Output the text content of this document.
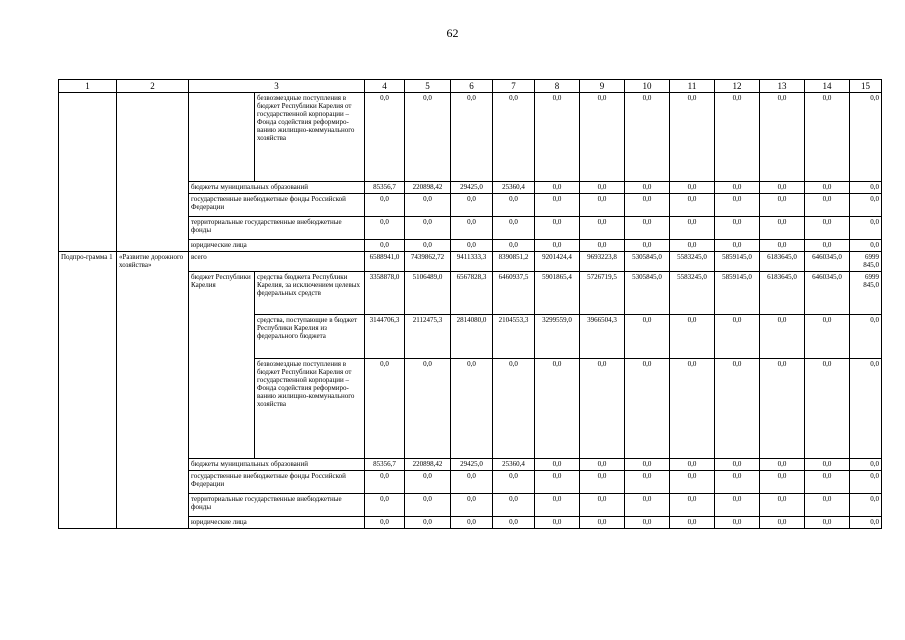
62
1	2	3		4	5	6	7	8	9	10	11	12	13	14	15
			безвозмездные поступления в бюджет Республики Карелия от государственной корпорации – Фонда содействия реформиро-ванию жилищно-коммунального хозяйства	0,0	0,0	0,0	0,0	0,0	0,0	0,0	0,0	0,0	0,0	0,0	0,0
		бюджеты муниципальных образований		85356,7	220898,42	29425,0	25360,4	0,0	0,0	0,0	0,0	0,0	0,0	0,0	0,0
		государственные внебюджетные фонды Российской Федерации		0,0	0,0	0,0	0,0	0,0	0,0	0,0	0,0	0,0	0,0	0,0	0,0
		территориальные государственные внебюджетные фонды		0,0	0,0	0,0	0,0	0,0	0,0	0,0	0,0	0,0	0,0	0,0	0,0
		юридические лица		0,0	0,0	0,0	0,0	0,0	0,0	0,0	0,0	0,0	0,0	0,0	0,0
Подпро-грамма 1	«Развитие дорожного хозяйства»	всего		6588941,0	7439862,72	9411333,3	8390851,2	9201424,4	9693223,8	5305845,0	5583245,0	5859145,0	6183645,0	6460345,0	6999 845,0
		бюджет Республики Карелия	средства бюджета Республики Карелия, за исключением целевых федеральных средств	3358878,0	5106489,0	6567828,3	6460937,5	5901865,4	5726719,5	5305845,0	5583245,0	5859145,0	6183645,0	6460345,0	6999 845,0
			средства, поступающие в бюджет Республики Карелия из федерального бюджета	3144706,3	2112475,3	2814080,0	2104553,3	3299559,0	3966504,3	0,0	0,0	0,0	0,0	0,0	0,0
			безвозмездные поступления в бюджет Республики Карелия от государственной корпорации – Фонда содействия реформиро-ванию жилищно-коммунального хозяйства	0,0	0,0	0,0	0,0	0,0	0,0	0,0	0,0	0,0	0,0	0,0	0,0
		бюджеты муниципальных образований		85356,7	220898,42	29425,0	25360,4	0,0	0,0	0,0	0,0	0,0	0,0	0,0	0,0
		государственные внебюджетные фонды Российской Федерации		0,0	0,0	0,0	0,0	0,0	0,0	0,0	0,0	0,0	0,0	0,0	0,0
		территориальные государственные внебюджетные фонды		0,0	0,0	0,0	0,0	0,0	0,0	0,0	0,0	0,0	0,0	0,0	0,0
		юридические лица		0,0	0,0	0,0	0,0	0,0	0,0	0,0	0,0	0,0	0,0	0,0	0,0
